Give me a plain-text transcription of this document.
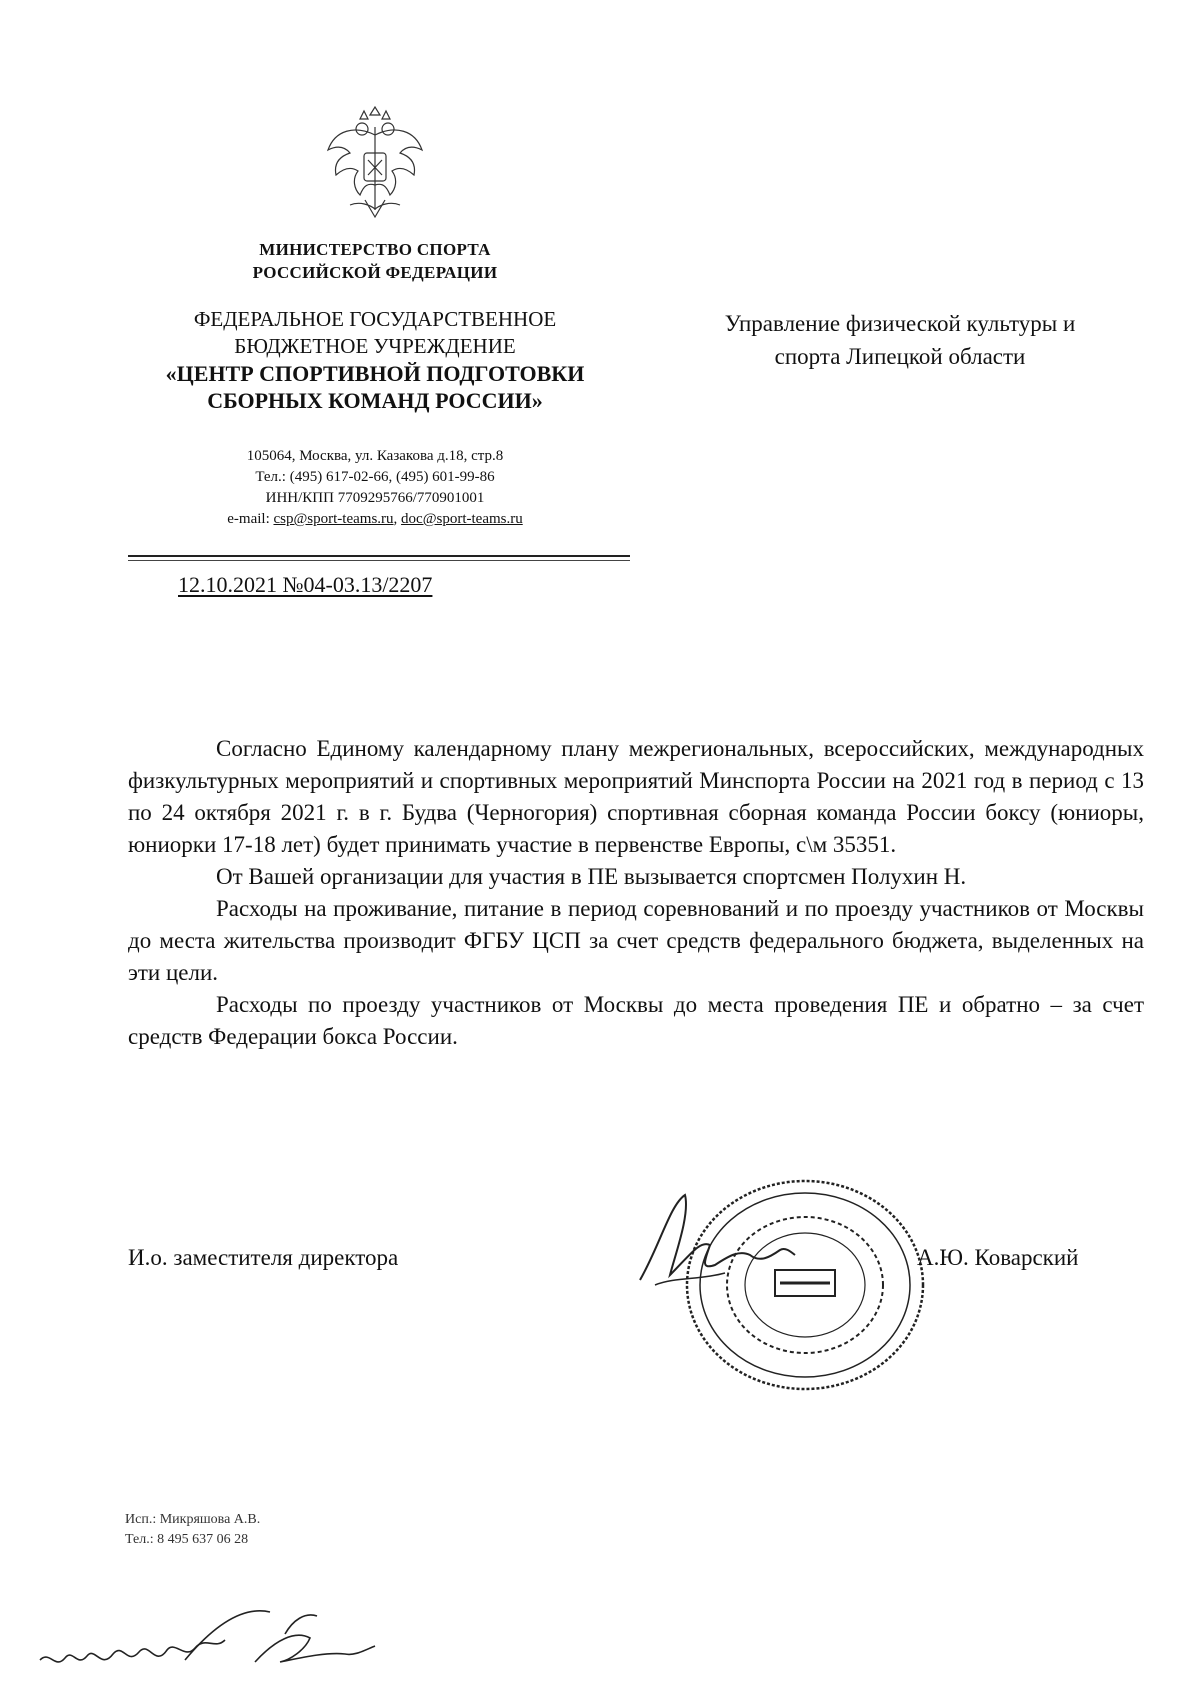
МИНИСТЕРСТВО СПОРТА
РОССИЙСКОЙ ФЕДЕРАЦИИ
ФЕДЕРАЛЬНОЕ ГОСУДАРСТВЕННОЕ
БЮДЖЕТНОЕ УЧРЕЖДЕНИЕ
«ЦЕНТР СПОРТИВНОЙ ПОДГОТОВКИ
СБОРНЫХ КОМАНД РОССИИ»
105064, Москва, ул. Казакова д.18, стр.8
Тел.: (495) 617-02-66, (495) 601-99-86
ИНН/КПП 7709295766/770901001
e-mail: csp@sport-teams.ru, doc@sport-teams.ru
12.10.2021 №04-03.13/2207
Управление физической культуры и
спорта Липецкой области

Согласно Единому календарному плану межрегиональных, всероссийских, международных физкультурных мероприятий и спортивных мероприятий Минспорта России на 2021 год в период с 13 по 24 октября 2021 г. в г. Будва (Черногория) спортивная сборная команда России боксу (юниоры, юниорки 17-18 лет) будет принимать участие в первенстве Европы, с\м 35351.

От Вашей организации для участия в ПЕ вызывается спортсмен Полухин Н.

Расходы на проживание, питание в период соревнований и по проезду участников от Москвы до места жительства производит ФГБУ ЦСП за счет средств федерального бюджета, выделенных на эти цели.

Расходы по проезду участников от Москвы до места проведения ПЕ и обратно – за счет средств Федерации бокса России.

И.о. заместителя директора	А.Ю. Коварский
Исп.: Микряшова А.В.
Тел.: 8 495 637 06 28
